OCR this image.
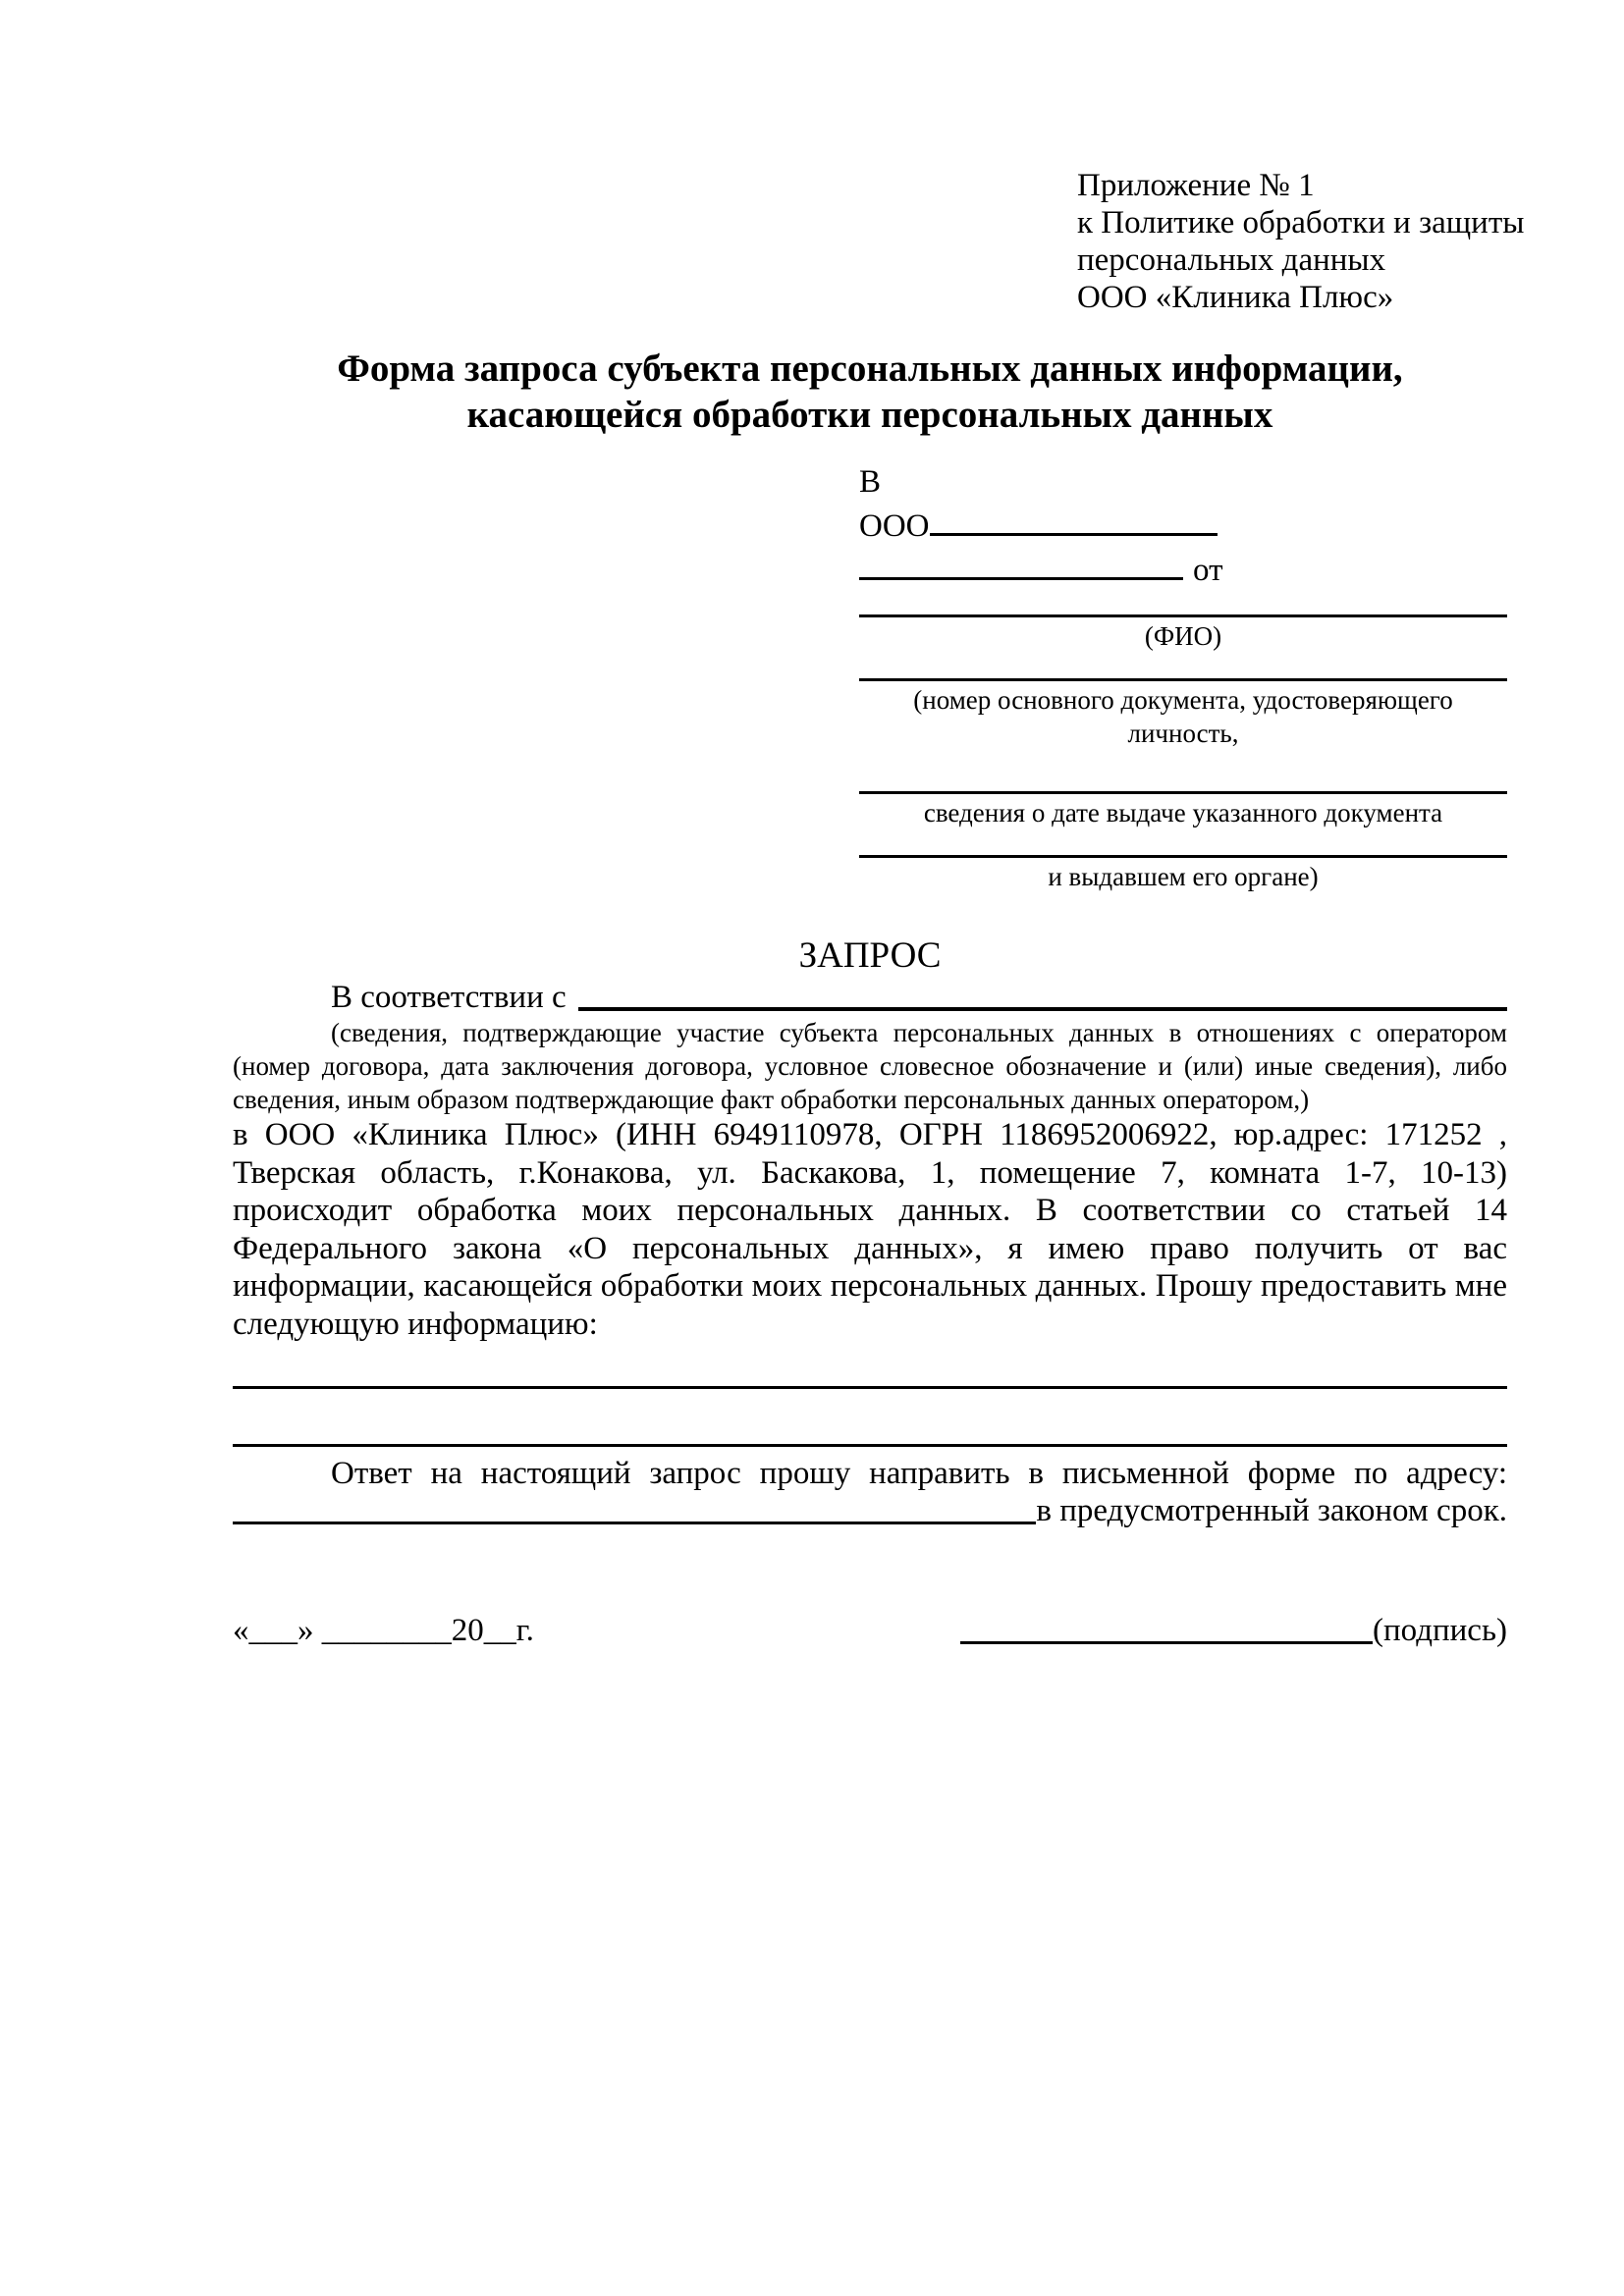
Приложение № 1
к Политике обработки и защиты
персональных данных
ООО «Клиника Плюс»
Форма запроса субъекта персональных данных информации,
касающейся обработки персональных данных
В
ООО
от
(ФИО)
(номер основного документа, удостоверяющего личность,
сведения о дате выдаче указанного документа
и выдавшем его органе)
ЗАПРОС
В соответствии с
(сведения, подтверждающие участие субъекта персональных данных в отношениях с оператором (номер договора, дата заключения договора, условное словесное обозначение и (или) иные сведения), либо сведения, иным образом подтверждающие факт обработки персональных данных оператором,)
в ООО «Клиника Плюс» (ИНН 6949110978, ОГРН 1186952006922, юр.адрес: 171252 , Тверская область, г.Конакова, ул. Баскакова, 1, помещение 7, комната 1-7, 10-13) происходит обработка моих персональных данных. В соответствии со статьей 14 Федерального закона «О персональных данных», я имею право получить от вас информации, касающейся обработки моих персональных данных. Прошу предоставить мне следующую информацию:
Ответ на настоящий запрос прошу направить в письменной форме по адресу:
в предусмотренный законом срок.
«___» ________20__г.	(подпись)
